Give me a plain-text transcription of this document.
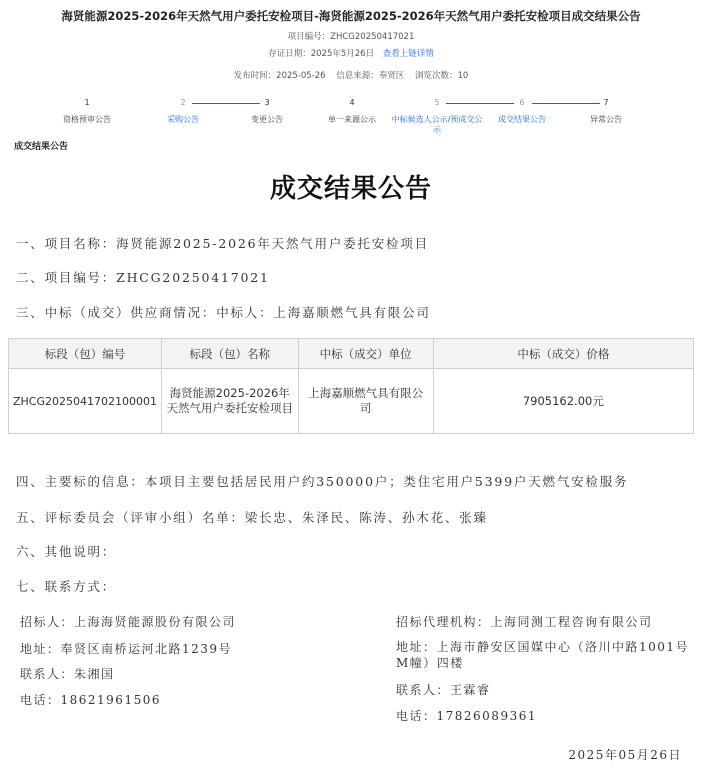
海贤能源2025-2026年天然气用户委托安检项目-海贤能源2025-2026年天然气用户委托安检项目成交结果公告
项目编号：ZHCG20250417021
存证日期：2025年5月26日 查看上链详情
发布时间：2025-05-26 信息来源：奉贤区 浏览次数：10
1
资格预审公告
2
采购公告
3
变更公告
4
单一来源公示
5
中标候选人公示/预成交公示
6
成交结果公告
7
异常公告
成交结果公告
成交结果公告
一、项目名称：海贤能源2025-2026年天然气用户委托安检项目
二、项目编号：ZHCG20250417021
三、中标（成交）供应商情况：中标人：上海嘉顺燃气具有限公司
标段（包）编号	标段（包）名称	中标（成交）单位	中标（成交）价格
ZHCG2025041702100001	海贤能源2025-2026年天然气用户委托安检项目	上海嘉顺燃气具有限公司	7905162.00元
四、主要标的信息：本项目主要包括居民用户约350000户；类住宅用户5399户天燃气安检服务
五、评标委员会（评审小组）名单：梁长忠、朱泽民、陈涛、孙木花、张臻
六、其他说明：
七、联系方式：
招标人：上海海贤能源股份有限公司
地址：奉贤区南桥运河北路1239号
联系人：朱湘国
电话：18621961506
招标代理机构：上海同测工程咨询有限公司
地址：上海市静安区国媒中心（洛川中路1001号M幢）四楼
联系人：王霖睿
电话：17826089361
2025年05月26日
